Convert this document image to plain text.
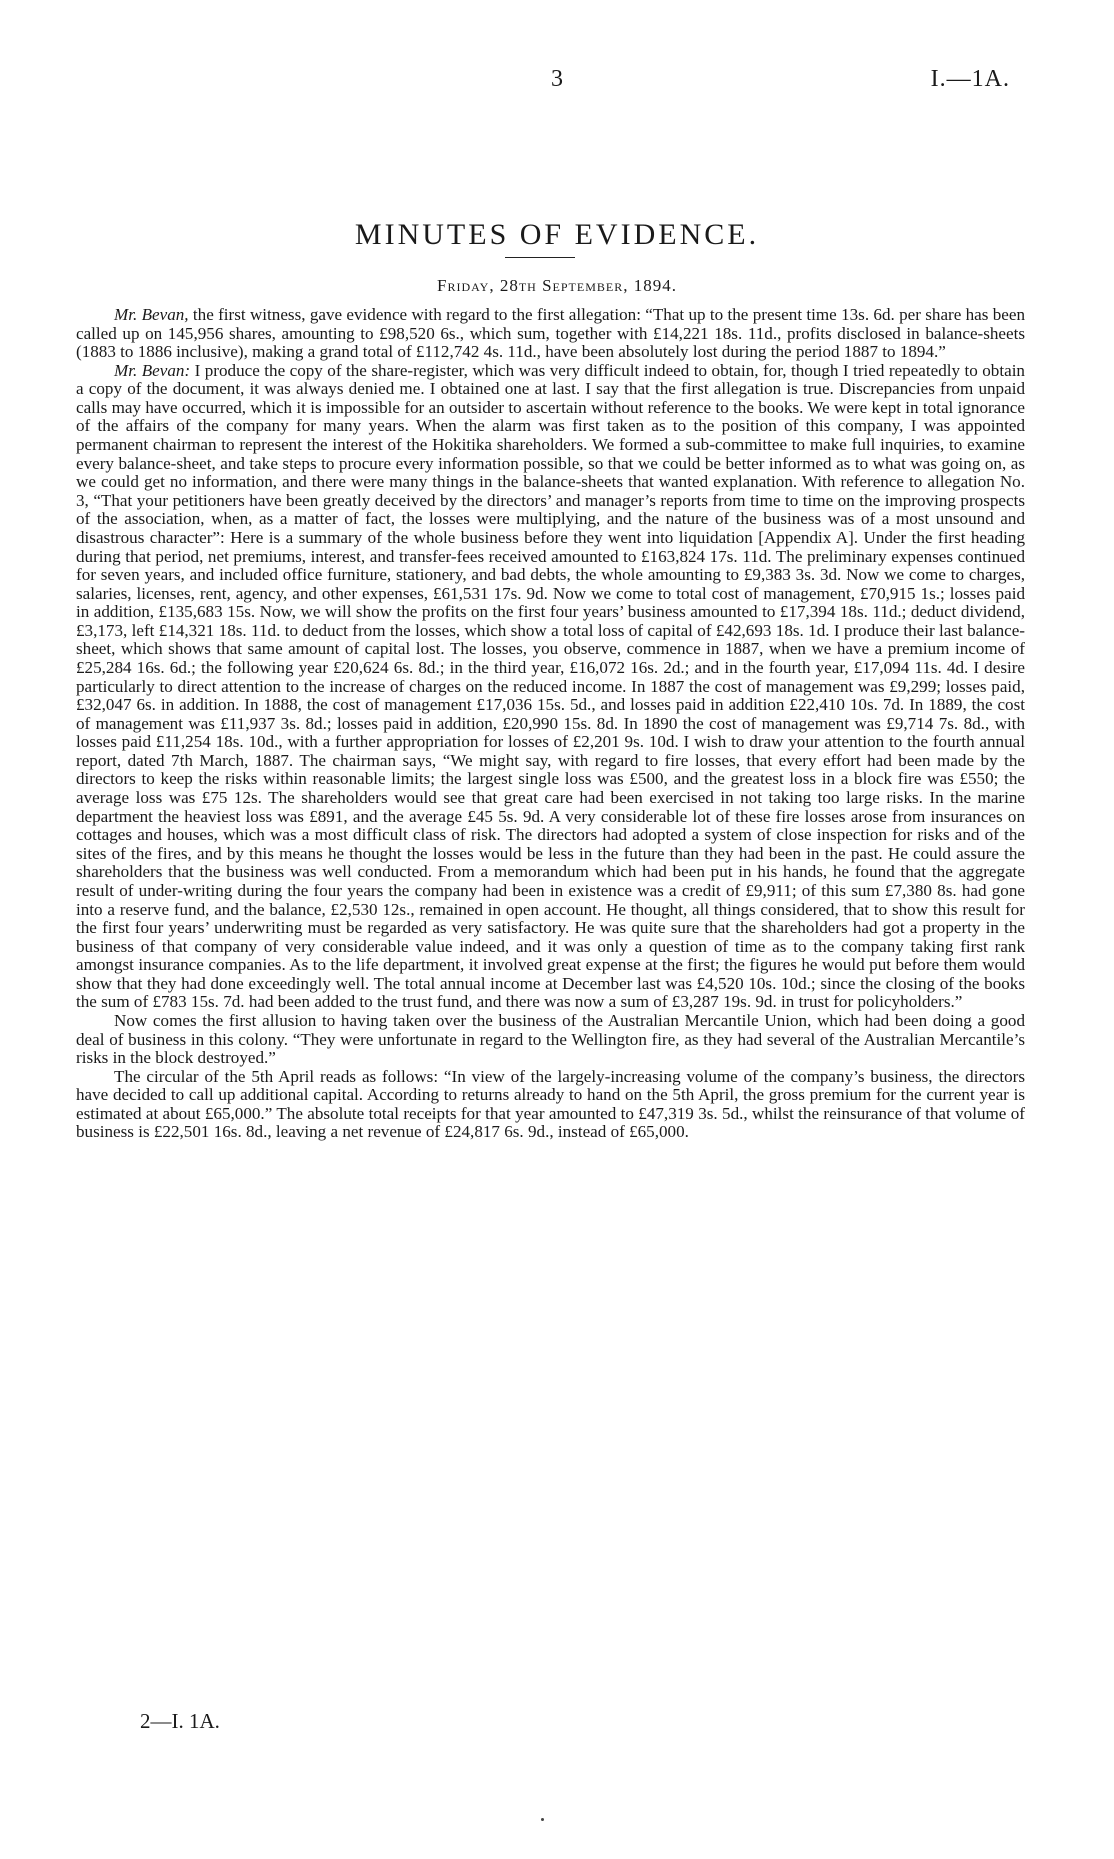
3	I.—1A.
MINUTES OF EVIDENCE.
Friday, 28th September, 1894.

Mr. Bevan, the first witness, gave evidence with regard to the first allegation: “That up to the present time 13s. 6d. per share has been called up on 145,956 shares, amounting to £98,520 6s., which sum, together with £14,221 18s. 11d., profits disclosed in balance-sheets (1883 to 1886 inclusive), making a grand total of £112,742 4s. 11d., have been absolutely lost during the period 1887 to 1894.”

Mr. Bevan: I produce the copy of the share-register, which was very difficult indeed to obtain, for, though I tried repeatedly to obtain a copy of the document, it was always denied me. I obtained one at last. I say that the first allegation is true. Discrepancies from unpaid calls may have occurred, which it is impossible for an outsider to ascertain without reference to the books. We were kept in total ignorance of the affairs of the company for many years. When the alarm was first taken as to the position of this company, I was appointed permanent chairman to represent the interest of the Hokitika shareholders. We formed a sub-committee to make full inquiries, to examine every balance-sheet, and take steps to procure every information possible, so that we could be better informed as to what was going on, as we could get no information, and there were many things in the balance-sheets that wanted explanation. With reference to allegation No. 3, “That your petitioners have been greatly deceived by the directors’ and manager’s reports from time to time on the improving prospects of the association, when, as a matter of fact, the losses were multiplying, and the nature of the business was of a most unsound and disastrous character”: Here is a summary of the whole business before they went into liquidation [Appendix A]. Under the first heading during that period, net premiums, interest, and transfer-fees received amounted to £163,824 17s. 11d. The preliminary expenses continued for seven years, and included office furniture, stationery, and bad debts, the whole amounting to £9,383 3s. 3d. Now we come to charges, salaries, licenses, rent, agency, and other expenses, £61,531 17s. 9d. Now we come to total cost of management, £70,915 1s.; losses paid in addition, £135,683 15s. Now, we will show the profits on the first four years’ business amounted to £17,394 18s. 11d.; deduct dividend, £3,173, left £14,321 18s. 11d. to deduct from the losses, which show a total loss of capital of £42,693 18s. 1d. I produce their last balance-sheet, which shows that same amount of capital lost. The losses, you observe, commence in 1887, when we have a premium income of £25,284 16s. 6d.; the following year £20,624 6s. 8d.; in the third year, £16,072 16s. 2d.; and in the fourth year, £17,094 11s. 4d. I desire particularly to direct attention to the increase of charges on the reduced income. In 1887 the cost of management was £9,299; losses paid, £32,047 6s. in addition. In 1888, the cost of management £17,036 15s. 5d., and losses paid in addition £22,410 10s. 7d. In 1889, the cost of management was £11,937 3s. 8d.; losses paid in addition, £20,990 15s. 8d. In 1890 the cost of management was £9,714 7s. 8d., with losses paid £11,254 18s. 10d., with a further appropriation for losses of £2,201 9s. 10d. I wish to draw your attention to the fourth annual report, dated 7th March, 1887. The chairman says, “We might say, with regard to fire losses, that every effort had been made by the directors to keep the risks within reasonable limits; the largest single loss was £500, and the greatest loss in a block fire was £550; the average loss was £75 12s. The shareholders would see that great care had been exercised in not taking too large risks. In the marine department the heaviest loss was £891, and the average £45 5s. 9d. A very considerable lot of these fire losses arose from insurances on cottages and houses, which was a most difficult class of risk. The directors had adopted a system of close inspection for risks and of the sites of the fires, and by this means he thought the losses would be less in the future than they had been in the past. He could assure the shareholders that the business was well conducted. From a memorandum which had been put in his hands, he found that the aggregate result of under-writing during the four years the company had been in existence was a credit of £9,911; of this sum £7,380 8s. had gone into a reserve fund, and the balance, £2,530 12s., remained in open account. He thought, all things considered, that to show this result for the first four years’ underwriting must be regarded as very satisfactory. He was quite sure that the shareholders had got a property in the business of that company of very considerable value indeed, and it was only a question of time as to the company taking first rank amongst insurance companies. As to the life department, it involved great expense at the first; the figures he would put before them would show that they had done exceedingly well. The total annual income at December last was £4,520 10s. 10d.; since the closing of the books the sum of £783 15s. 7d. had been added to the trust fund, and there was now a sum of £3,287 19s. 9d. in trust for policyholders.”

Now comes the first allusion to having taken over the business of the Australian Mercantile Union, which had been doing a good deal of business in this colony. “They were unfortunate in regard to the Wellington fire, as they had several of the Australian Mercantile’s risks in the block destroyed.”

The circular of the 5th April reads as follows: “In view of the largely-increasing volume of the company’s business, the directors have decided to call up additional capital. According to returns already to hand on the 5th April, the gross premium for the current year is estimated at about £65,000.” The absolute total receipts for that year amounted to £47,319 3s. 5d., whilst the reinsurance of that volume of business is £22,501 16s. 8d., leaving a net revenue of £24,817 6s. 9d., instead of £65,000.

2—I. 1A.
